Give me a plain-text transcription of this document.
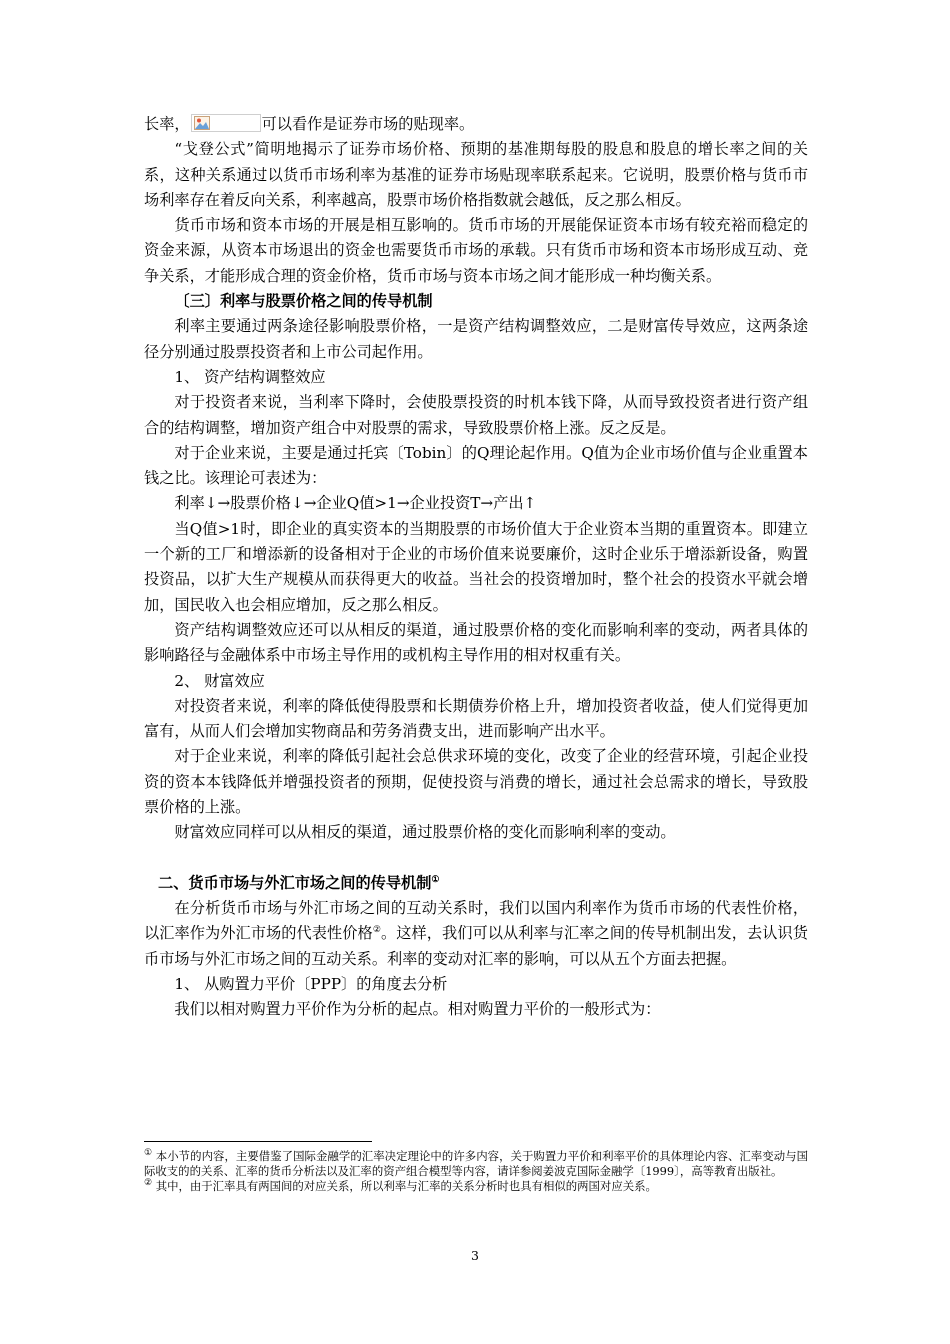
长率，	可以看作是证券市场的贴现率。

“戈登公式”简明地揭示了证券市场价格、预期的基准期每股的股息和股息的增长率之间的关系，这种关系通过以货币市场利率为基准的证券市场贴现率联系起来。它说明，股票价格与货币市场利率存在着反向关系，利率越高，股票市场价格指数就会越低，反之那么相反。

货币市场和资本市场的开展是相互影响的。货币市场的开展能保证资本市场有较充裕而稳定的资金来源，从资本市场退出的资金也需要货币市场的承载。只有货币市场和资本市场形成互动、竞争关系，才能形成合理的资金价格，货币市场与资本市场之间才能形成一种均衡关系。

〔三〕利率与股票价格之间的传导机制

利率主要通过两条途径影响股票价格，一是资产结构调整效应，二是财富传导效应，这两条途径分别通过股票投资者和上市公司起作用。

1、 资产结构调整效应

对于投资者来说，当利率下降时，会使股票投资的时机本钱下降，从而导致投资者进行资产组合的结构调整，增加资产组合中对股票的需求，导致股票价格上涨。反之反是。

对于企业来说，主要是通过托宾〔Tobin〕的Q理论起作用。Q值为企业市场价值与企业重置本钱之比。该理论可表述为：

利率↓→股票价格↓→企业Q值>1→企业投资T→产出↑

当Q值>1时，即企业的真实资本的当期股票的市场价值大于企业资本当期的重置资本。即建立一个新的工厂和增添新的设备相对于企业的市场价值来说要廉价，这时企业乐于增添新设备，购置投资品，以扩大生产规模从而获得更大的收益。当社会的投资增加时，整个社会的投资水平就会增加，国民收入也会相应增加，反之那么相反。

资产结构调整效应还可以从相反的渠道，通过股票价格的变化而影响利率的变动，两者具体的影响路径与金融体系中市场主导作用的或机构主导作用的相对权重有关。

2、 财富效应

对投资者来说，利率的降低使得股票和长期债券价格上升，增加投资者收益，使人们觉得更加富有，从而人们会增加实物商品和劳务消费支出，进而影响产出水平。

对于企业来说，利率的降低引起社会总供求环境的变化，改变了企业的经营环境，引起企业投资的资本本钱降低并增强投资者的预期，促使投资与消费的增长，通过社会总需求的增长，导致股票价格的上涨。

财富效应同样可以从相反的渠道，通过股票价格的变化而影响利率的变动。

二、货币市场与外汇市场之间的传导机制①

在分析货币市场与外汇市场之间的互动关系时，我们以国内利率作为货币市场的代表性价格，以汇率作为外汇市场的代表性价格②。这样，我们可以从利率与汇率之间的传导机制出发，去认识货币市场与外汇市场之间的互动关系。利率的变动对汇率的影响，可以从五个方面去把握。

1、 从购置力平价〔PPP〕的角度去分析

我们以相对购置力平价作为分析的起点。相对购置力平价的一般形式为：

① 本小节的内容，主要借鉴了国际金融学的汇率决定理论中的许多内容，关于购置力平价和利率平价的具体理论内容、汇率变动与国际收支的的关系、汇率的货币分析法以及汇率的资产组合模型等内容，请详参阅姜波克国际金融学〔1999〕，高等教育出版社。

② 其中，由于汇率具有两国间的对应关系，所以利率与汇率的关系分析时也具有相似的两国对应关系。

3
